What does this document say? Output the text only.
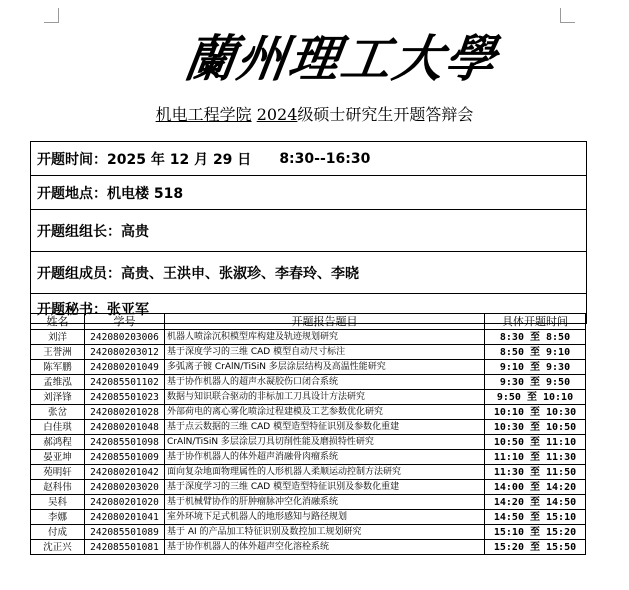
蘭州理工大學
机电工程学院 2024级硕士研究生开题答辩会
开题时间： 2025 年 12 月 29 日 8:30--16:30
开题地点：机电楼 518
开题组组长：高贵
开题组成员：高贵、王洪申、张淑珍、李春玲、李晓
开题秘书：张亚军
姓名	学号	开题报告题目	具体开题时间
刘洋	242080203006	机器人喷涂沉积模型库构建及轨迹规划研究	8:30 至 8:50
王誉洲	242080203012	基于深度学习的三维 CAD 模型自动尺寸标注	8:50 至 9:10
陈军鹏	242080201049	多弧离子镀 CrAlN/TiSiN 多层涂层结构及高温性能研究	9:10 至 9:30
孟维泓	242085501102	基于协作机器人的超声水凝胶伤口闭合系统	9:30 至 9:50
刘泽锋	242085501023	数据与知识联合驱动的非标加工刀具设计方法研究	9:50 至 10:10
张岔	242080201028	外部荷电的离心雾化喷涂过程建模及工艺参数优化研究	10:10 至 10:30
白佳琪	242080201048	基于点云数据的三维 CAD 模型造型特征识别及参数化重建	10:30 至 10:50
郝鸿程	242085501098	CrAlN/TiSiN 多层涂层刀具切削性能及磨损特性研究	10:50 至 11:10
晏亚坤	242085501009	基于协作机器人的体外超声消融骨肉瘤系统	11:10 至 11:30
苑明轩	242080201042	面向复杂地面物理属性的人形机器人柔顺运动控制方法研究	11:30 至 11:50
赵科伟	242080203020	基于深度学习的三维 CAD 模型造型特征识别及参数化重建	14:00 至 14:20
吴科	242080201020	基于机械臂协作的肝肿瘤脉冲空化消融系统	14:20 至 14:50
李娜	242080201041	室外环境下足式机器人的地形感知与路径规划	14:50 至 15:10
付成	242085501089	基于 AI 的产品加工特征识别及数控加工规划研究	15:10 至 15:20
沈正兴	242085501081	基于协作机器人的体外超声空化溶栓系统	15:20 至 15:50
